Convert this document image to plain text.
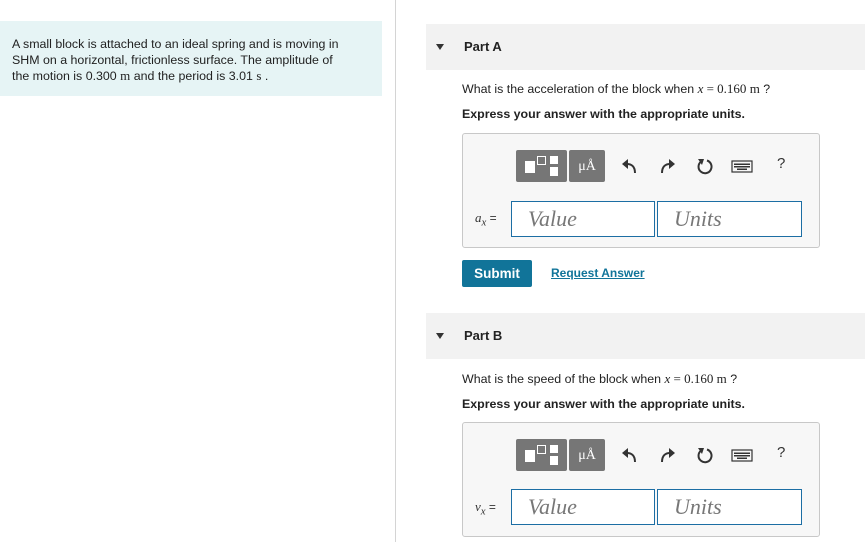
A small block is attached to an ideal spring and is moving in
SHM on a horizontal, frictionless surface. The amplitude of
the motion is 0.300 m and the period is 3.01 s .
Part A
What is the acceleration of the block when x = 0.160 m ?
Express your answer with the appropriate units.
μÅ	?
$a_x$ =
Value
Units
Submit	Request Answer
Part B
What is the speed of the block when x = 0.160 m ?
Express your answer with the appropriate units.
μÅ	?
$v_x$ =
Value
Units
